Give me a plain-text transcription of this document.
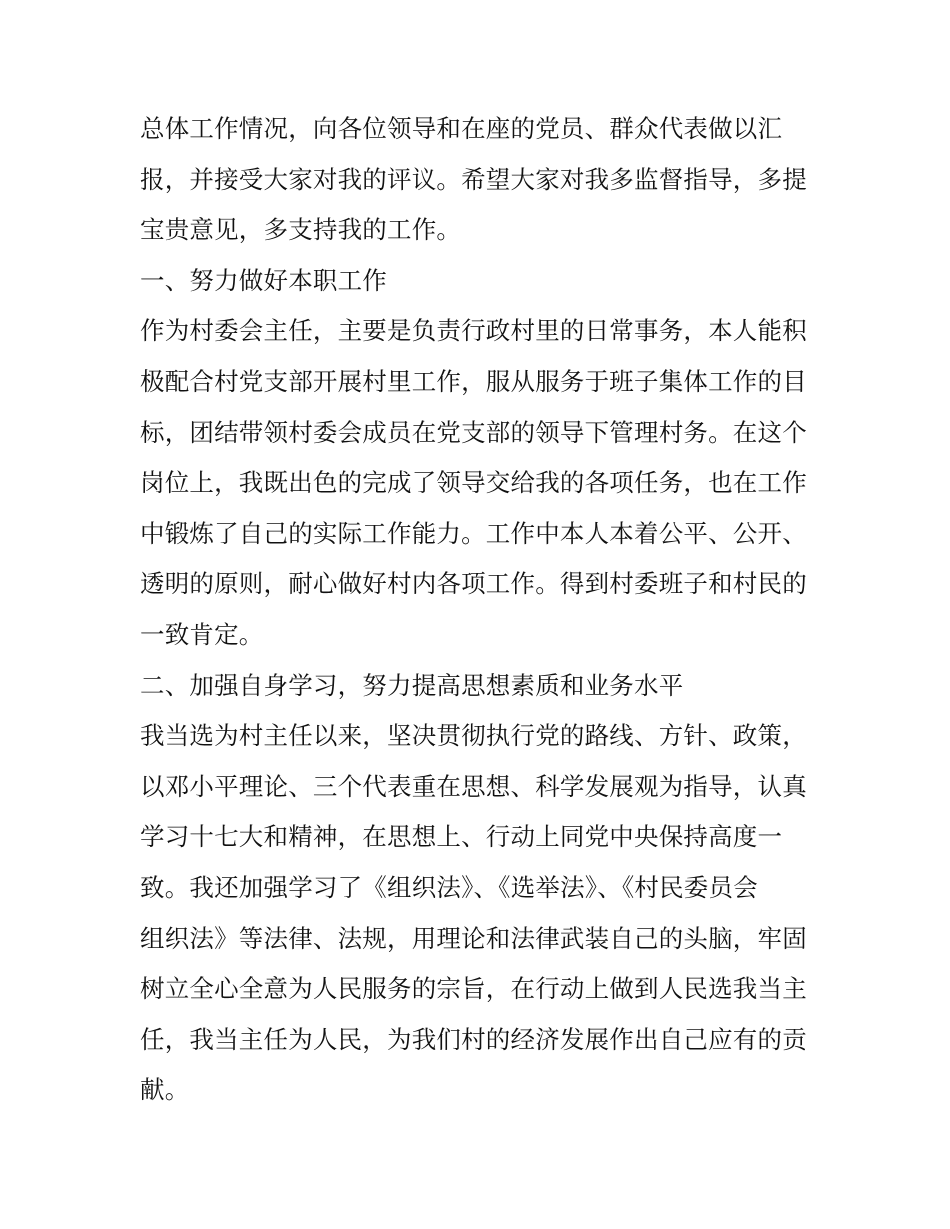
总体工作情况，向各位领导和在座的党员、群众代表做以汇
报，并接受大家对我的评议。希望大家对我多监督指导，多提
宝贵意见，多支持我的工作。
一、努力做好本职工作
作为村委会主任，主要是负责行政村里的日常事务，本人能积
极配合村党支部开展村里工作，服从服务于班子集体工作的目
标，团结带领村委会成员在党支部的领导下管理村务。在这个
岗位上，我既出色的完成了领导交给我的各项任务，也在工作
中锻炼了自己的实际工作能力。工作中本人本着公平、公开、
透明的原则，耐心做好村内各项工作。得到村委班子和村民的
一致肯定。
二、加强自身学习，努力提高思想素质和业务水平
我当选为村主任以来，坚决贯彻执行党的路线、方针、政策，
以邓小平理论、三个代表重在思想、科学发展观为指导，认真
学习十七大和精神，在思想上、行动上同党中央保持高度一
致。我还加强学习了《组织法》、《选举法》、《村民委员会
组织法》等法律、法规，用理论和法律武装自己的头脑，牢固
树立全心全意为人民服务的宗旨，在行动上做到人民选我当主
任，我当主任为人民，为我们村的经济发展作出自己应有的贡
献。
